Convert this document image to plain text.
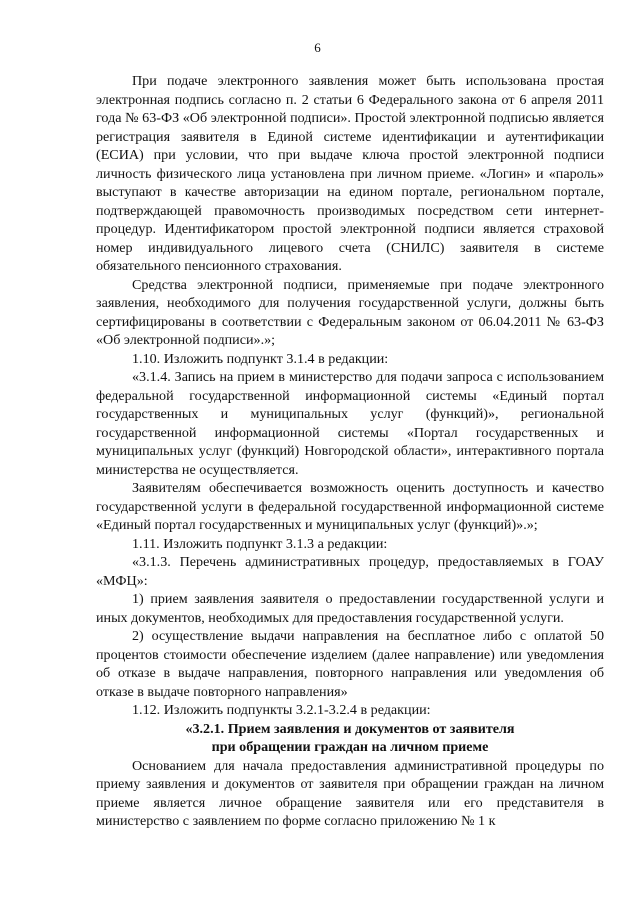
6

При подаче электронного заявления может быть использована простая электронная подпись согласно п. 2 статьи 6 Федерального закона от 6 апреля 2011 года № 63-ФЗ «Об электронной подписи». Простой электронной подписью является регистрация заявителя в Единой системе идентификации и аутентификации (ЕСИА) при условии, что при выдаче ключа простой электронной подписи личность физического лица установлена при личном приеме. «Логин» и «пароль» выступают в качестве авторизации на едином портале, региональном портале, подтверждающей правомочность производимых посредством сети интернет-процедур. Идентификатором простой электронной подписи является страховой номер индивидуального лицевого счета (СНИЛС) заявителя в системе обязательного пенсионного страхования.

Средства электронной подписи, применяемые при подаче электронного заявления, необходимого для получения государственной услуги, должны быть сертифицированы в соответствии с Федеральным законом от 06.04.2011 № 63-ФЗ «Об электронной подписи».»;

1.10. Изложить подпункт 3.1.4 в редакции:

«3.1.4. Запись на прием в министерство для подачи запроса с использованием федеральной государственной информационной системы «Единый портал государственных и муниципальных услуг (функций)», региональной государственной информационной системы «Портал государственных и муниципальных услуг (функций) Новгородской области», интерактивного портала министерства не осуществляется.

Заявителям обеспечивается возможность оценить доступность и качество государственной услуги в федеральной государственной информационной системе «Единый портал государственных и муниципальных услуг (функций)».»;

1.11. Изложить подпункт 3.1.3 а редакции:

«3.1.3. Перечень административных процедур, предоставляемых в ГОАУ «МФЦ»:

1) прием заявления заявителя о предоставлении государственной услуги и иных документов, необходимых для предоставления государственной услуги.

2) осуществление выдачи направления на бесплатное либо с оплатой 50 процентов стоимости обеспечение изделием (далее направление) или уведомления об отказе в выдаче направления, повторного направления или уведомления об отказе в выдаче повторного направления»

1.12. Изложить подпункты 3.2.1-3.2.4 в редакции:

«3.2.1. Прием заявления и документов от заявителя

при обращении граждан на личном приеме

Основанием для начала предоставления административной процедуры по приему заявления и документов от заявителя при обращении граждан на личном приеме является личное обращение заявителя или его представителя в министерство с заявлением по форме согласно приложению № 1 к
